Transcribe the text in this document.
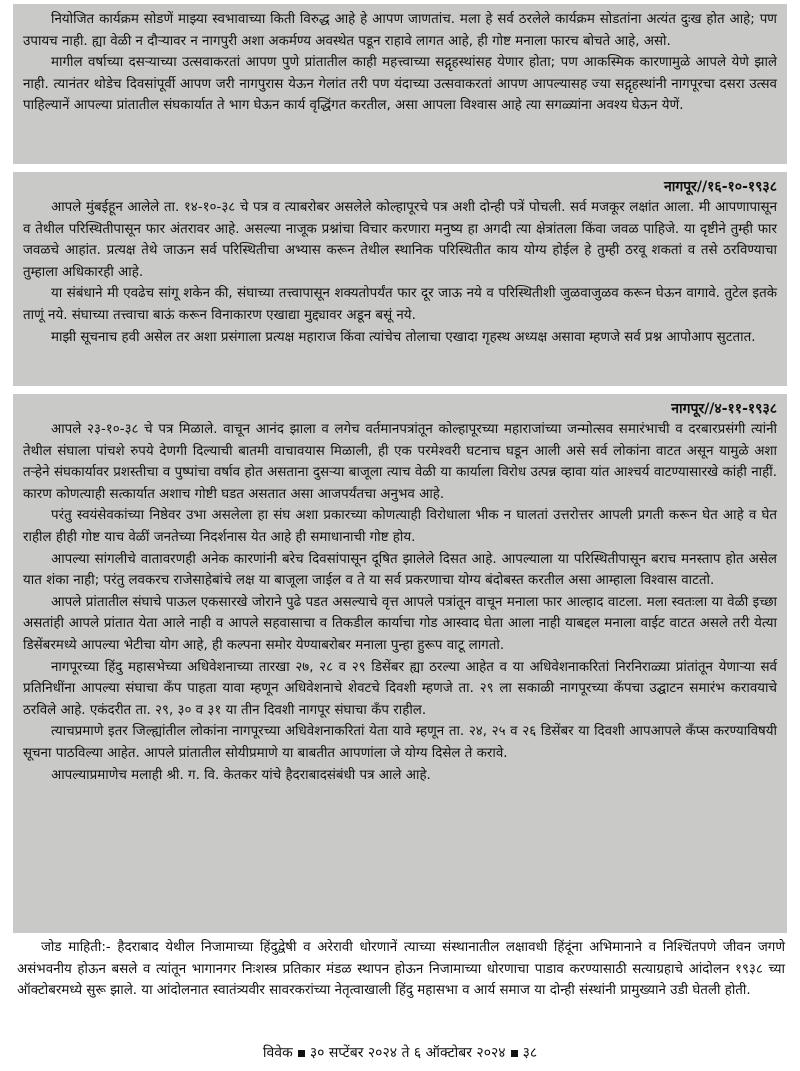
नियोजित कार्यक्रम सोडणें माझ्या स्वभावाच्या किती विरुद्ध आहे हे आपण जाणतांच. मला हे सर्व ठरलेले कार्यक्रम सोडतांना अत्यंत दुःख होत आहे; पण उपायच नाही. ह्या वेळी न दौऱ्यावर न नागपुरी अशा अकर्मण्य अवस्थेत पडून राहावे लागत आहे, ही गोष्ट मनाला फारच बोचते आहे, असो.

मागील वर्षाच्या दसऱ्याच्या उत्सवाकरतां आपण पुणे प्रांतातील काही महत्त्वाच्या सद्गृहस्थांसह येणार होता; पण आकस्मिक कारणामुळे आपले येणे झाले नाही. त्यानंतर थोडेच दिवसांपूर्वी आपण जरी नागपुरास येऊन गेलांत तरी पण यंदाच्या उत्सवाकरतां आपण आपल्यासह ज्या सद्गृहस्थांनी नागपूरचा दसरा उत्सव पाहिल्यानें आपल्या प्रांतातील संघकार्यात ते भाग घेऊन कार्य वृद्धिंगत करतील, असा आपला विश्वास आहे त्या सगळ्यांना अवश्य घेऊन येणें.

नागपूर//१६-१०-१९३८

आपले मुंबईहून आलेले ता. १४-१०-३८ चे पत्र व त्याबरोबर असलेले कोल्हापूरचे पत्र अशी दोन्ही पत्रें पोचली. सर्व मजकूर लक्षांत आला. मी आपणापासून व तेथील परिस्थितीपासून फार अंतरावर आहे. असल्या नाजूक प्रश्नांचा विचार करणारा मनुष्य हा अगदी त्या क्षेत्रांतला किंवा जवळ पाहिजे. या दृष्टीने तुम्ही फार जवळचे आहांत. प्रत्यक्ष तेथे जाऊन सर्व परिस्थितीचा अभ्यास करून तेथील स्थानिक परिस्थितीत काय योग्य होईल हे तुम्ही ठरवू शकतां व तसे ठरविण्याचा तुम्हाला अधिकारही आहे.

या संबंधाने मी एवढेच सांगू शकेन की, संघाच्या तत्त्वापासून शक्यतोपर्यंत फार दूर जाऊ नये व परिस्थितीशी जुळवाजुळव करून घेऊन वागावे. तुटेल इतके ताणूं नये. संघाच्या तत्त्वाचा बाऊं करून विनाकारण एखाद्या मुद्द्यावर अडून बसूं नये.

माझी सूचनाच हवी असेल तर अशा प्रसंगाला प्रत्यक्ष महाराज किंवा त्यांचेच तोलाचा एखादा गृहस्थ अध्यक्ष असावा म्हणजे सर्व प्रश्न आपोआप सुटतात.

नागपूर//४-११-१९३८

आपले २३-१०-३८ चे पत्र मिळाले. वाचून आनंद झाला व लगेच वर्तमानपत्रांतून कोल्हापूरच्या महाराजांच्या जन्मोत्सव समारंभाची व दरबारप्रसंगी त्यांनी तेथील संघाला पांचशे रुपये देणगी दिल्याची बातमी वाचावयास मिळाली, ही एक परमेश्वरी घटनाच घडून आली असे सर्व लोकांना वाटत असून यामुळे अशा तऱ्हेने संघकार्यावर प्रशस्तीचा व पुष्पांचा वर्षाव होत असताना दुसऱ्या बाजूला त्याच वेळी या कार्याला विरोध उत्पन्न व्हावा यांत आश्चर्य वाटण्यासारखे कांही नाहीं. कारण कोणत्याही सत्कार्यात अशाच गोष्टी घडत असतात असा आजपर्यंतचा अनुभव आहे.

परंतु स्वयंसेवकांच्या निष्ठेवर उभा असलेला हा संघ अशा प्रकारच्या कोणत्याही विरोधाला भीक न घालतां उत्तरोत्तर आपली प्रगती करून घेत आहे व घेत राहील हीही गोष्ट याच वेळीं जनतेच्या निदर्शनास येत आहे ही समाधानाची गोष्ट होय.

आपल्या सांगलीचे वातावरणही अनेक कारणांनी बरेच दिवसांपासून दूषित झालेले दिसत आहे. आपल्याला या परिस्थितीपासून बराच मनस्ताप होत असेल यात शंका नाही; परंतु लवकरच राजेसाहेबांचे लक्ष या बाजूला जाईल व ते या सर्व प्रकरणाचा योग्य बंदोबस्त करतील असा आम्हाला विश्वास वाटतो.

आपले प्रांतातील संघाचे पाऊल एकसारखे जोराने पुढे पडत असल्याचे वृत्त आपले पत्रांतून वाचून मनाला फार आल्हाद वाटला. मला स्वतःला या वेळी इच्छा असतांही आपले प्रांतात येता आले नाही व आपले सहवासाचा व तिकडील कार्याचा गोड आस्वाद घेता आला नाही याबद्दल मनाला वाईट वाटत असले तरी येत्या डिसेंबरमध्ये आपल्या भेटीचा योग आहे, ही कल्पना समोर येण्याबरोबर मनाला पुन्हा हुरूप वाटू लागतो.

नागपूरच्या हिंदु महासभेच्या अधिवेशनाच्या तारखा २७, २८ व २९ डिसेंबर ह्या ठरल्या आहेत व या अधिवेशनाकरितां निरनिराळ्या प्रांतांतून येणाऱ्या सर्व प्रतिनिधींना आपल्या संघाचा कँप पाहता यावा म्हणून अधिवेशनाचे शेवटचे दिवशी म्हणजे ता. २९ ला सकाळी नागपूरच्या कँपचा उद्घाटन समारंभ करावयाचे ठरविले आहे. एकंदरीत ता. २९, ३० व ३१ या तीन दिवशी नागपूर संघाचा कँप राहील.

त्याचप्रमाणे इतर जिल्ह्यांतील लोकांना नागपूरच्या अधिवेशनाकरितां येता यावे म्हणून ता. २४, २५ व २६ डिसेंबर या दिवशी आपआपले कँप्स करण्याविषयी सूचना पाठविल्या आहेत. आपले प्रांतातील सोयीप्रमाणे या बाबतीत आपणांला जे योग्य दिसेल ते करावे.

आपल्याप्रमाणेच मलाही श्री. ग. वि. केतकर यांचे हैदराबादसंबंधी पत्र आले आहे.

जोड माहिती:- हैदराबाद येथील निजामाच्या हिंदुद्वेषी व अरेरावी धोरणानें त्याच्या संस्थानातील लक्षावधी हिंदूंना अभिमानाने व निश्चिंतपणे जीवन जगणे असंभवनीय होऊन बसले व त्यांतून भागानगर निःशस्त्र प्रतिकार मंडळ स्थापन होऊन निजामाच्या धोरणाचा पाडाव करण्यासाठी सत्याग्रहाचे आंदोलन १९३८ च्या ऑक्टोबरमध्ये सुरू झाले. या आंदोलनात स्वातंत्र्यवीर सावरकरांच्या नेतृत्वाखाली हिंदु महासभा व आर्य समाज या दोन्ही संस्थांनी प्रामुख्याने उडी घेतली होती.

विवेक ३० सप्टेंबर २०२४ ते ६ ऑक्टोबर २०२४ ३८
